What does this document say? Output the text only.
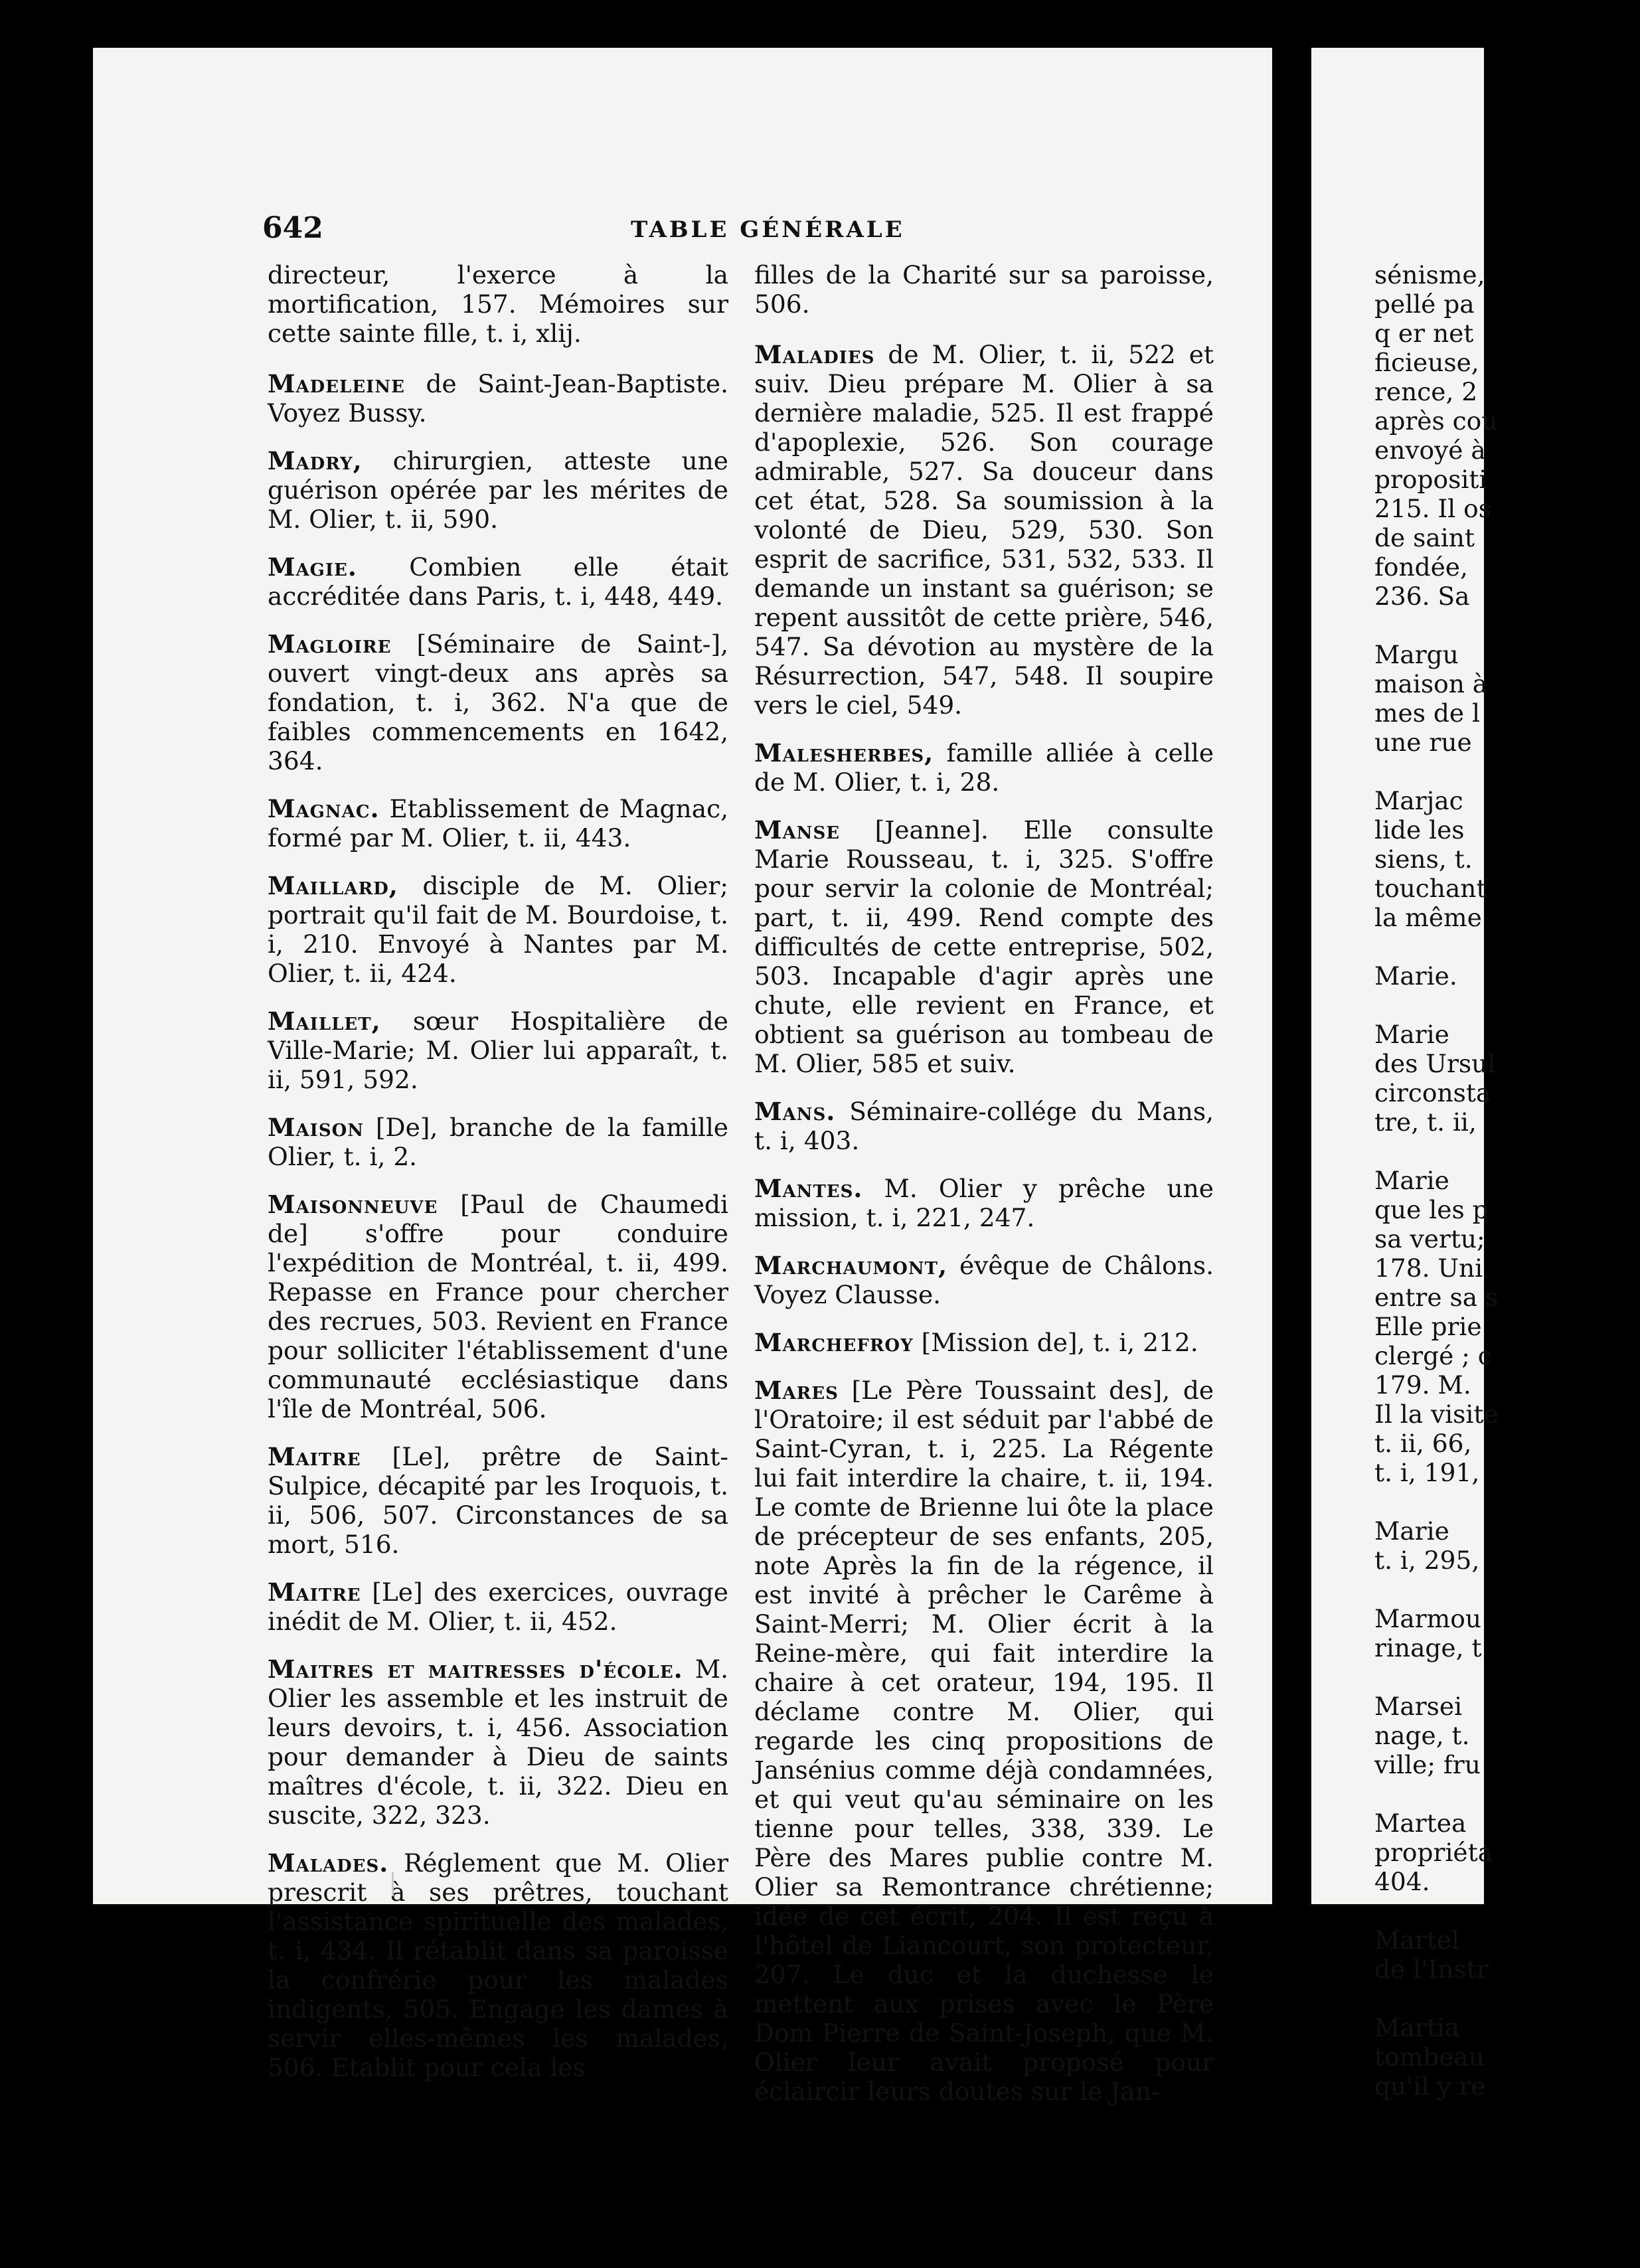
642	TABLE GÉNÉRALE

directeur, l'exerce à la mortification, 157. Mémoires sur cette sainte fille, t. i, xlij.

Madeleine de Saint-Jean-Baptiste. Voyez Bussy.

Madry, chirurgien, atteste une guérison opérée par les mérites de M. Olier, t. ii, 590.

Magie. Combien elle était accréditée dans Paris, t. i, 448, 449.

Magloire [Séminaire de Saint-], ouvert vingt-deux ans après sa fondation, t. i, 362. N'a que de faibles commencements en 1642, 364.

Magnac. Etablissement de Magnac, formé par M. Olier, t. ii, 443.

Maillard, disciple de M. Olier; portrait qu'il fait de M. Bourdoise, t. i, 210. Envoyé à Nantes par M. Olier, t. ii, 424.

Maillet, sœur Hospitalière de Ville-Marie; M. Olier lui apparaît, t. ii, 591, 592.

Maison [De], branche de la famille Olier, t. i, 2.

Maisonneuve [Paul de Chaumedi de] s'offre pour conduire l'expédition de Montréal, t. ii, 499. Repasse en France pour chercher des recrues, 503. Revient en France pour solliciter l'établissement d'une communauté ecclésiastique dans l'île de Montréal, 506.

Maitre [Le], prêtre de Saint-Sulpice, décapité par les Iroquois, t. ii, 506, 507. Circonstances de sa mort, 516.

Maitre [Le] des exercices, ouvrage inédit de M. Olier, t. ii, 452.

Maitres et maitresses d'école. M. Olier les assemble et les instruit de leurs devoirs, t. i, 456. Association pour demander à Dieu de saints maîtres d'école, t. ii, 322. Dieu en suscite, 322, 323.

Malades. Réglement que M. Olier prescrit à ses prêtres, touchant l'assistance spirituelle des malades, t. i, 434. Il rétablit dans sa paroisse la confrérie pour les malades indigents, 505. Engage les dames à servir elles-mêmes les malades, 506. Etablit pour cela les

filles de la Charité sur sa paroisse, 506.

Maladies de M. Olier, t. ii, 522 et suiv. Dieu prépare M. Olier à sa dernière maladie, 525. Il est frappé d'apoplexie, 526. Son courage admirable, 527. Sa douceur dans cet état, 528. Sa soumission à la volonté de Dieu, 529, 530. Son esprit de sacrifice, 531, 532, 533. Il demande un instant sa guérison; se repent aussitôt de cette prière, 546, 547. Sa dévotion au mystère de la Résurrection, 547, 548. Il soupire vers le ciel, 549.

Malesherbes, famille alliée à celle de M. Olier, t. i, 28.

Manse [Jeanne]. Elle consulte Marie Rousseau, t. i, 325. S'offre pour servir la colonie de Montréal; part, t. ii, 499. Rend compte des difficultés de cette entreprise, 502, 503. Incapable d'agir après une chute, elle revient en France, et obtient sa guérison au tombeau de M. Olier, 585 et suiv.

Mans. Séminaire-collége du Mans, t. i, 403.

Mantes. M. Olier y prêche une mission, t. i, 221, 247.

Marchaumont, évêque de Châlons. Voyez Clausse.

Marchefroy [Mission de], t. i, 212.

Mares [Le Père Toussaint des], de l'Oratoire; il est séduit par l'abbé de Saint-Cyran, t. i, 225. La Régente lui fait interdire la chaire, t. ii, 194. Le comte de Brienne lui ôte la place de précepteur de ses enfants, 205, note Après la fin de la régence, il est invité à prêcher le Carême à Saint-Merri; M. Olier écrit à la Reine-mère, qui fait interdire la chaire à cet orateur, 194, 195. Il déclame contre M. Olier, qui regarde les cinq propositions de Jansénius comme déjà condamnées, et qui veut qu'au séminaire on les tienne pour telles, 338, 339. Le Père des Mares publie contre M. Olier sa Remontrance chrétienne; idée de cet écrit, 204. Il est reçu à l'hôtel de Liancourt, son protecteur, 207. Le duc et la duchesse le mettent aux prises avec le Père Dom Pierre de Saint-Joseph, que M. Olier leur avait proposé pour éclaircir leurs doutes sur le Jan-

sénisme,
pellé pa
q er net
ficieuse,
rence, 2
après cou
envoyé à
propositi
215. Il os
de saint
fondée,
236. Sa
Margu
maison à
mes de l
une rue
Marjac
lide les
siens, t.
touchant
la même
Marie.
Marie
des Ursul
circonsta
tre, t. ii,
Marie
que les p
sa vertu;
178. Uni
entre sa s
Elle prie
clergé ; c
179. M.
Il la visite
t. ii, 66,
t. i, 191,
Marie
t. i, 295,
Marmou
rinage, t
Marsei
nage, t.
ville; fru
Martea
propriéta
404.
Martel
de l'Instr
Martia
tombeau
qu'il y re
